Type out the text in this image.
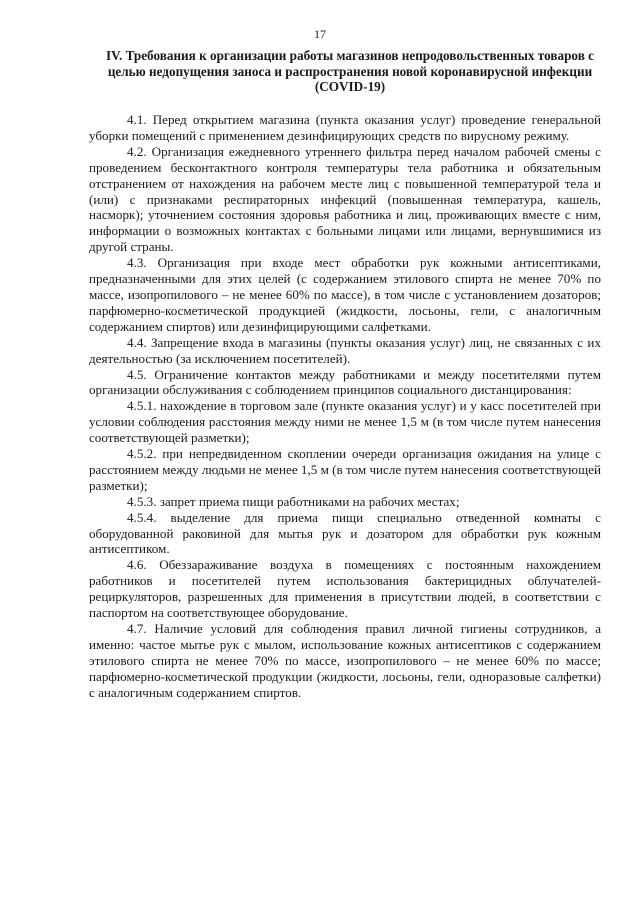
17
IV. Требования к организации работы магазинов непродовольственных товаров с целью недопущения заноса и распространения новой коронавирусной инфекции (COVID-19)

4.1. Перед открытием магазина (пункта оказания услуг) проведение генеральной уборки помещений с применением дезинфицирующих средств по вирусному режиму.

4.2. Организация ежедневного утреннего фильтра перед началом рабочей смены с проведением бесконтактного контроля температуры тела работника и обязательным отстранением от нахождения на рабочем месте лиц с повышенной температурой тела и (или) с признаками респираторных инфекций (повышенная температура, кашель, насморк); уточнением состояния здоровья работника и лиц, проживающих вместе с ним, информации о возможных контактах с больными лицами или лицами, вернувшимися из другой страны.

4.3. Организация при входе мест обработки рук кожными антисептиками, предназначенными для этих целей (с содержанием этилового спирта не менее 70% по массе, изопропилового – не менее 60% по массе), в том числе с установлением дозаторов; парфюмерно-косметической продукцией (жидкости, лосьоны, гели, с аналогичным содержанием спиртов) или дезинфицирующими салфетками.

4.4. Запрещение входа в магазины (пункты оказания услуг) лиц, не связанных с их деятельностью (за исключением посетителей).

4.5. Ограничение контактов между работниками и между посетителями путем организации обслуживания с соблюдением принципов социального дистанцирования:

4.5.1. нахождение в торговом зале (пункте оказания услуг) и у касс посетителей при условии соблюдения расстояния между ними не менее 1,5 м (в том числе путем нанесения соответствующей разметки);

4.5.2. при непредвиденном скоплении очереди организация ожидания на улице с расстоянием между людьми не менее 1,5 м (в том числе путем нанесения соответствующей разметки);

4.5.3. запрет приема пищи работниками на рабочих местах;

4.5.4. выделение для приема пищи специально отведенной комнаты с оборудованной раковиной для мытья рук и дозатором для обработки рук кожным антисептиком.

4.6. Обеззараживание воздуха в помещениях с постоянным нахождением работников и посетителей путем использования бактерицидных облучателей-рециркуляторов, разрешенных для применения в присутствии людей, в соответствии с паспортом на соответствующее оборудование.

4.7. Наличие условий для соблюдения правил личной гигиены сотрудников, а именно: частое мытье рук с мылом, использование кожных антисептиков с содержанием этилового спирта не менее 70% по массе, изопропилового – не менее 60% по массе; парфюмерно-косметической продукции (жидкости, лосьоны, гели, одноразовые салфетки) с аналогичным содержанием спиртов.
